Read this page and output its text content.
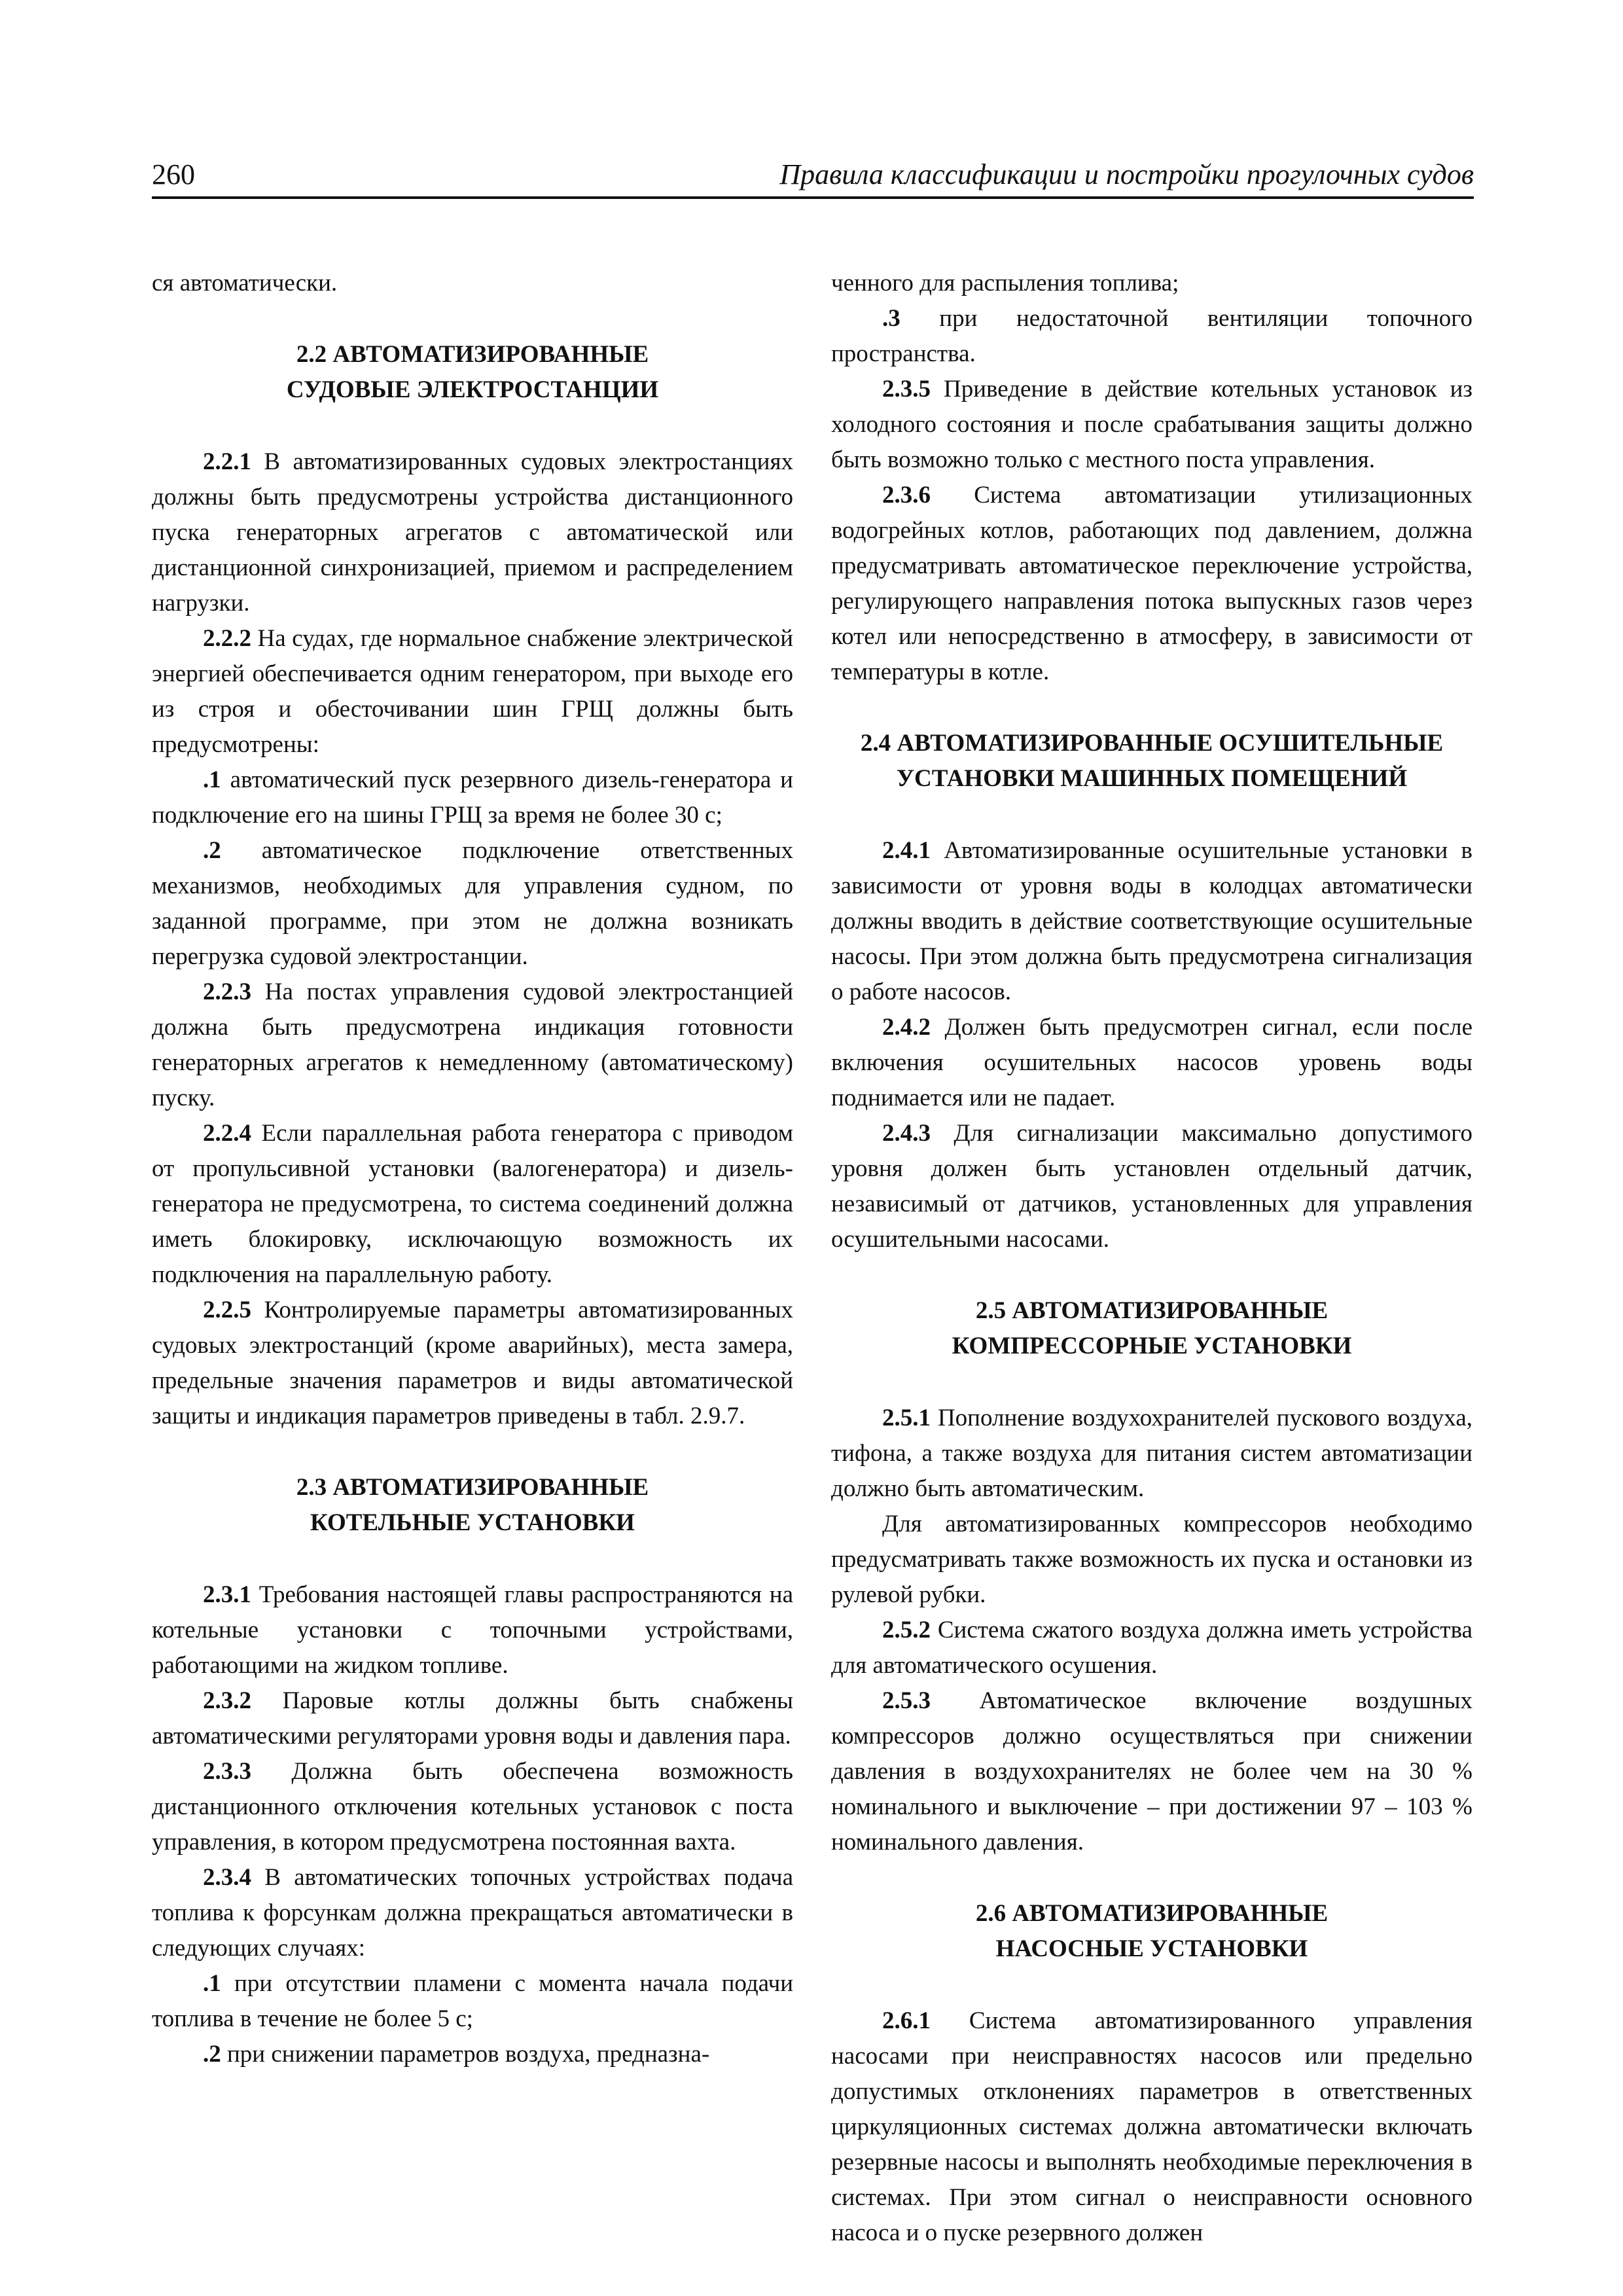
260	Правила классификации и постройки прогулочных судов

ся автоматически.

2.2 АВТОМАТИЗИРОВАННЫЕ
СУДОВЫЕ ЭЛЕКТРОСТАНЦИИ

2.2.1 В автоматизированных судовых электростанциях должны быть предусмотрены устройства дистанционного пуска генераторных агрегатов с автоматической или дистанционной синхронизацией, приемом и распределением нагрузки.

2.2.2 На судах, где нормальное снабжение электрической энергией обеспечивается одним генератором, при выходе его из строя и обесточивании шин ГРЩ должны быть предусмотрены:

.1 автоматический пуск резервного дизель-генератора и подключение его на шины ГРЩ за время не более 30 с;

.2 автоматическое подключение ответственных механизмов, необходимых для управления судном, по заданной программе, при этом не должна возникать перегрузка судовой электростанции.

2.2.3 На постах управления судовой электростанцией должна быть предусмотрена индикация готовности генераторных агрегатов к немедленному (автоматическому) пуску.

2.2.4 Если параллельная работа генератора с приводом от пропульсивной установки (валогенератора) и дизель-генератора не предусмотрена, то система соединений должна иметь блокировку, исключающую возможность их подключения на параллельную работу.

2.2.5 Контролируемые параметры автоматизированных судовых электростанций (кроме аварийных), места замера, предельные значения параметров и виды автоматической защиты и индикация параметров приведены в табл. 2.9.7.

2.3 АВТОМАТИЗИРОВАННЫЕ
КОТЕЛЬНЫЕ УСТАНОВКИ

2.3.1 Требования настоящей главы распространяются на котельные установки с топочными устройствами, работающими на жидком топливе.

2.3.2 Паровые котлы должны быть снабжены автоматическими регуляторами уровня воды и давления пара.

2.3.3 Должна быть обеспечена возможность дистанционного отключения котельных установок с поста управления, в котором предусмотрена постоянная вахта.

2.3.4 В автоматических топочных устройствах подача топлива к форсункам должна прекращаться автоматически в следующих случаях:

.1 при отсутствии пламени с момента начала подачи топлива в течение не более 5 с;

.2 при снижении параметров воздуха, предназна-

ченного для распыления топлива;

.3 при недостаточной вентиляции топочного пространства.

2.3.5 Приведение в действие котельных установок из холодного состояния и после срабатывания защиты должно быть возможно только с местного поста управления.

2.3.6 Система автоматизации утилизационных водогрейных котлов, работающих под давлением, должна предусматривать автоматическое переключение устройства, регулирующего направления потока выпускных газов через котел или непосредственно в атмосферу, в зависимости от температуры в котле.

2.4 АВТОМАТИЗИРОВАННЫЕ ОСУШИТЕЛЬНЫЕ
УСТАНОВКИ МАШИННЫХ ПОМЕЩЕНИЙ

2.4.1 Автоматизированные осушительные установки в зависимости от уровня воды в колодцах автоматически должны вводить в действие соответствующие осушительные насосы. При этом должна быть предусмотрена сигнализация о работе насосов.

2.4.2 Должен быть предусмотрен сигнал, если после включения осушительных насосов уровень воды поднимается или не падает.

2.4.3 Для сигнализации максимально допустимого уровня должен быть установлен отдельный датчик, независимый от датчиков, установленных для управления осушительными насосами.

2.5 АВТОМАТИЗИРОВАННЫЕ
КОМПРЕССОРНЫЕ УСТАНОВКИ

2.5.1 Пополнение воздухохранителей пускового воздуха, тифона, а также воздуха для питания систем автоматизации должно быть автоматическим.

Для автоматизированных компрессоров необходимо предусматривать также возможность их пуска и остановки из рулевой рубки.

2.5.2 Система сжатого воздуха должна иметь устройства для автоматического осушения.

2.5.3 Автоматическое включение воздушных компрессоров должно осуществляться при снижении давления в воздухохранителях не более чем на 30 % номинального и выключение – при достижении 97 – 103 % номинального давления.

2.6 АВТОМАТИЗИРОВАННЫЕ
НАСОСНЫЕ УСТАНОВКИ

2.6.1 Система автоматизированного управления насосами при неисправностях насосов или предельно допустимых отклонениях параметров в ответственных циркуляционных системах должна автоматически включать резервные насосы и выполнять необходимые переключения в системах. При этом сигнал о неисправности основного насоса и о пуске резервного должен
